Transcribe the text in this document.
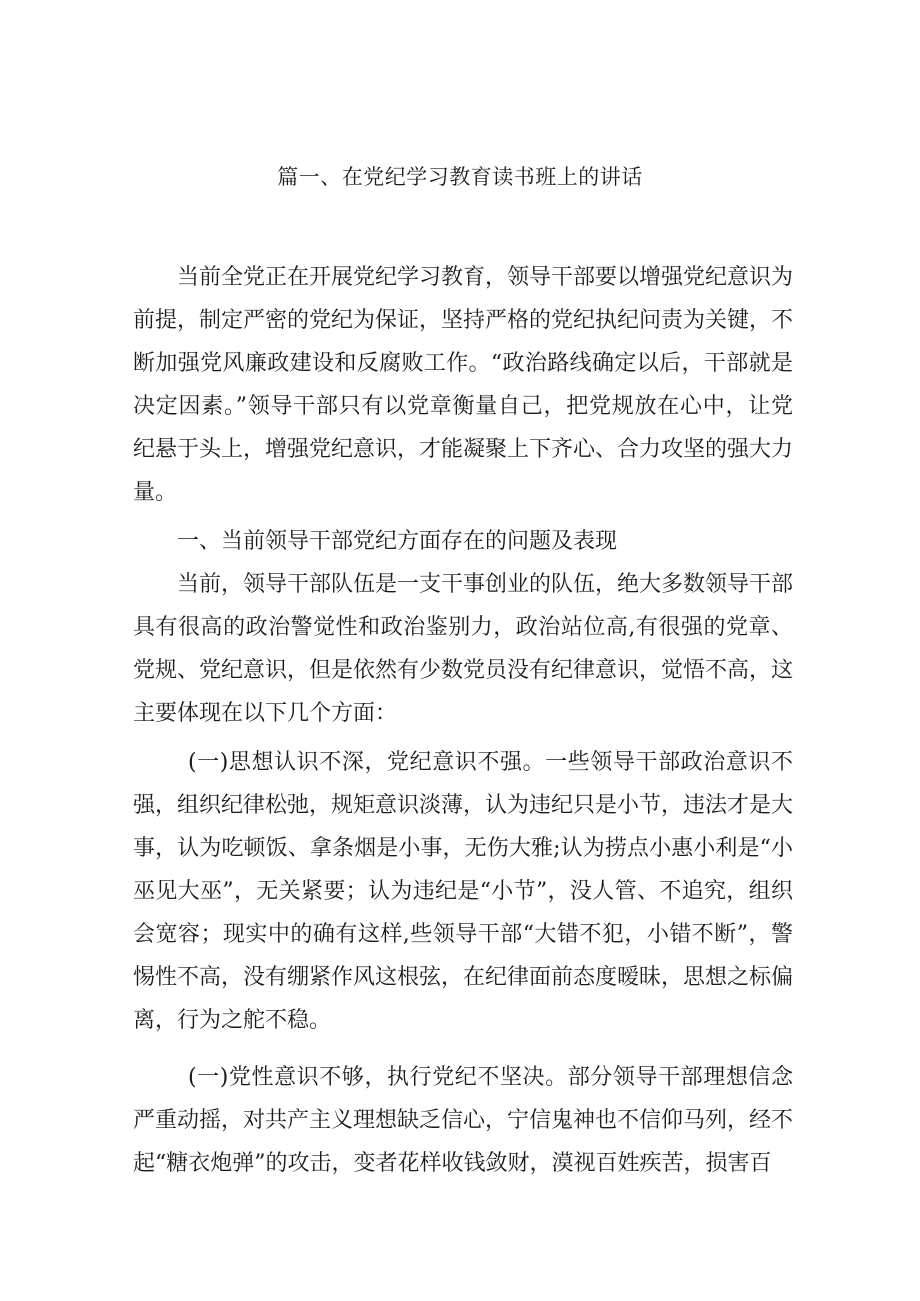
篇一、在党纪学习教育读书班上的讲话

当前全党正在开展党纪学习教育，领导干部要以增强党纪意识为前提，制定严密的党纪为保证，坚持严格的党纪执纪问责为关键，不断加强党风廉政建设和反腐败工作。“政治路线确定以后，干部就是决定因素。”领导干部只有以党章衡量自己，把党规放在心中，让党纪悬于头上，增强党纪意识，才能凝聚上下齐心、合力攻坚的强大力量。

一、当前领导干部党纪方面存在的问题及表现

当前，领导干部队伍是一支干事创业的队伍，绝大多数领导干部具有很高的政治警觉性和政治鉴别力，政治站位高,有很强的党章、党规、党纪意识，但是依然有少数党员没有纪律意识，觉悟不高，这主要体现在以下几个方面：

(一)思想认识不深，党纪意识不强。一些领导干部政治意识不强，组织纪律松弛，规矩意识淡薄，认为违纪只是小节，违法才是大事，认为吃顿饭、拿条烟是小事，无伤大雅;认为捞点小惠小利是“小巫见大巫”，无关紧要；认为违纪是“小节”，没人管、不追究，组织会宽容；现实中的确有这样,些领导干部“大错不犯，小错不断”，警惕性不高，没有绷紧作风这根弦，在纪律面前态度暧昧，思想之标偏离，行为之舵不稳。

(一)党性意识不够，执行党纪不坚决。部分领导干部理想信念严重动摇，对共产主义理想缺乏信心，宁信鬼神也不信仰马列，经不起“糖衣炮弹”的攻击，变者花样收钱敛财，漠视百姓疾苦，损害百
